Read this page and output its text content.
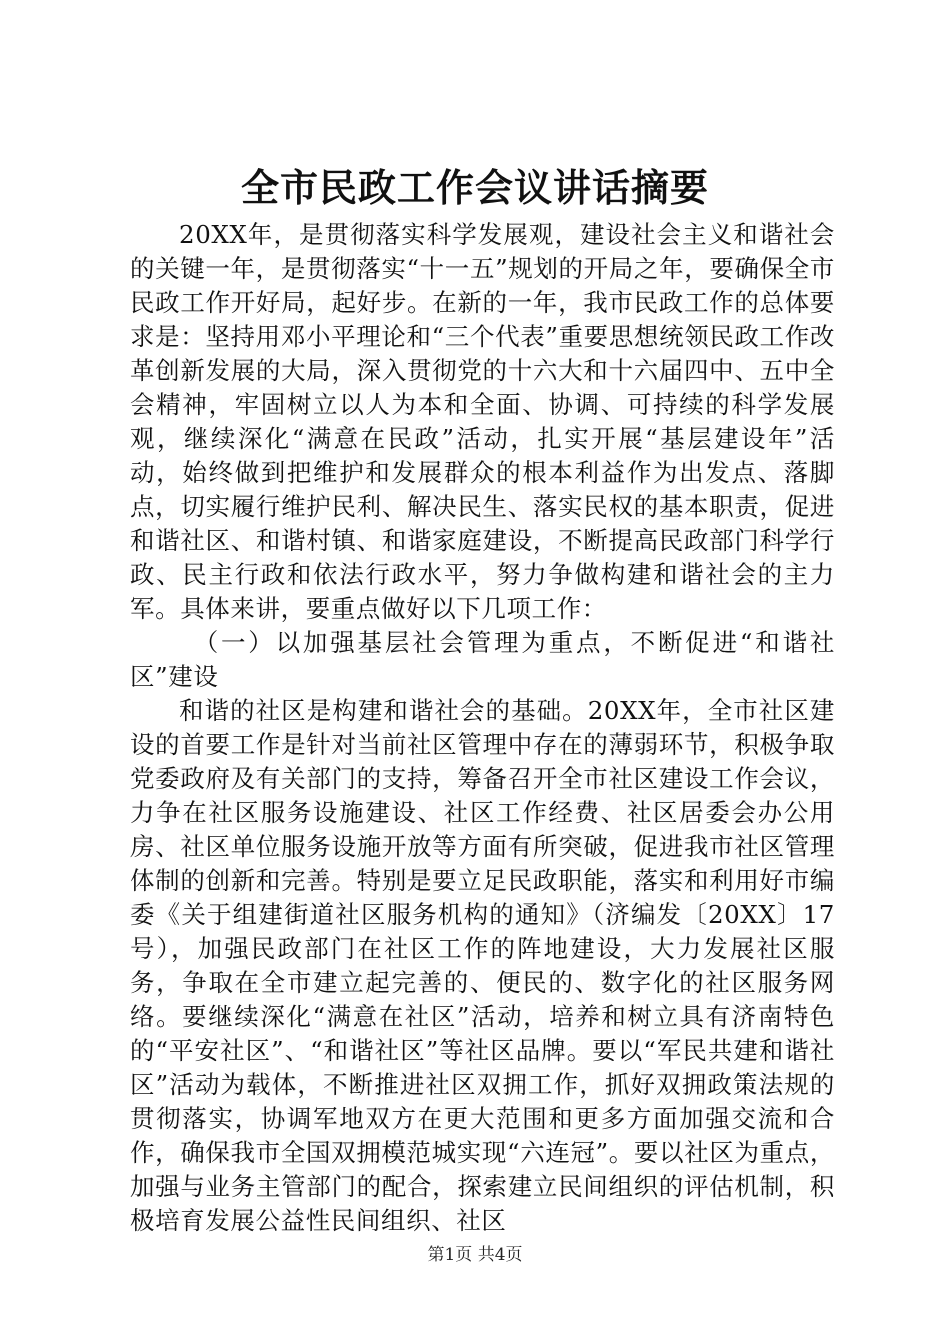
全市民政工作会议讲话摘要

20XX年，是贯彻落实科学发展观，建设社会主义和谐社会的关键一年，是贯彻落实“十一五”规划的开局之年，要确保全市民政工作开好局，起好步。在新的一年，我市民政工作的总体要求是：坚持用邓小平理论和“三个代表”重要思想统领民政工作改革创新发展的大局，深入贯彻党的十六大和十六届四中、五中全会精神，牢固树立以人为本和全面、协调、可持续的科学发展观，继续深化“满意在民政”活动，扎实开展“基层建设年”活动，始终做到把维护和发展群众的根本利益作为出发点、落脚点，切实履行维护民利、解决民生、落实民权的基本职责，促进和谐社区、和谐村镇、和谐家庭建设，不断提高民政部门科学行政、民主行政和依法行政水平，努力争做构建和谐社会的主力军。具体来讲，要重点做好以下几项工作：

（一）以加强基层社会管理为重点，不断促进“和谐社区”建设

和谐的社区是构建和谐社会的基础。20XX年，全市社区建设的首要工作是针对当前社区管理中存在的薄弱环节，积极争取党委政府及有关部门的支持，筹备召开全市社区建设工作会议，力争在社区服务设施建设、社区工作经费、社区居委会办公用房、社区单位服务设施开放等方面有所突破，促进我市社区管理体制的创新和完善。特别是要立足民政职能，落实和利用好市编委《关于组建街道社区服务机构的通知》（济编发〔20XX〕17号），加强民政部门在社区工作的阵地建设，大力发展社区服务，争取在全市建立起完善的、便民的、数字化的社区服务网络。要继续深化“满意在社区”活动，培养和树立具有济南特色的“平安社区”、“和谐社区”等社区品牌。要以“军民共建和谐社区”活动为载体，不断推进社区双拥工作，抓好双拥政策法规的贯彻落实，协调军地双方在更大范围和更多方面加强交流和合作，确保我市全国双拥模范城实现“六连冠”。要以社区为重点，加强与业务主管部门的配合，探索建立民间组织的评估机制，积极培育发展公益性民间组织、社区

第1页 共4页
